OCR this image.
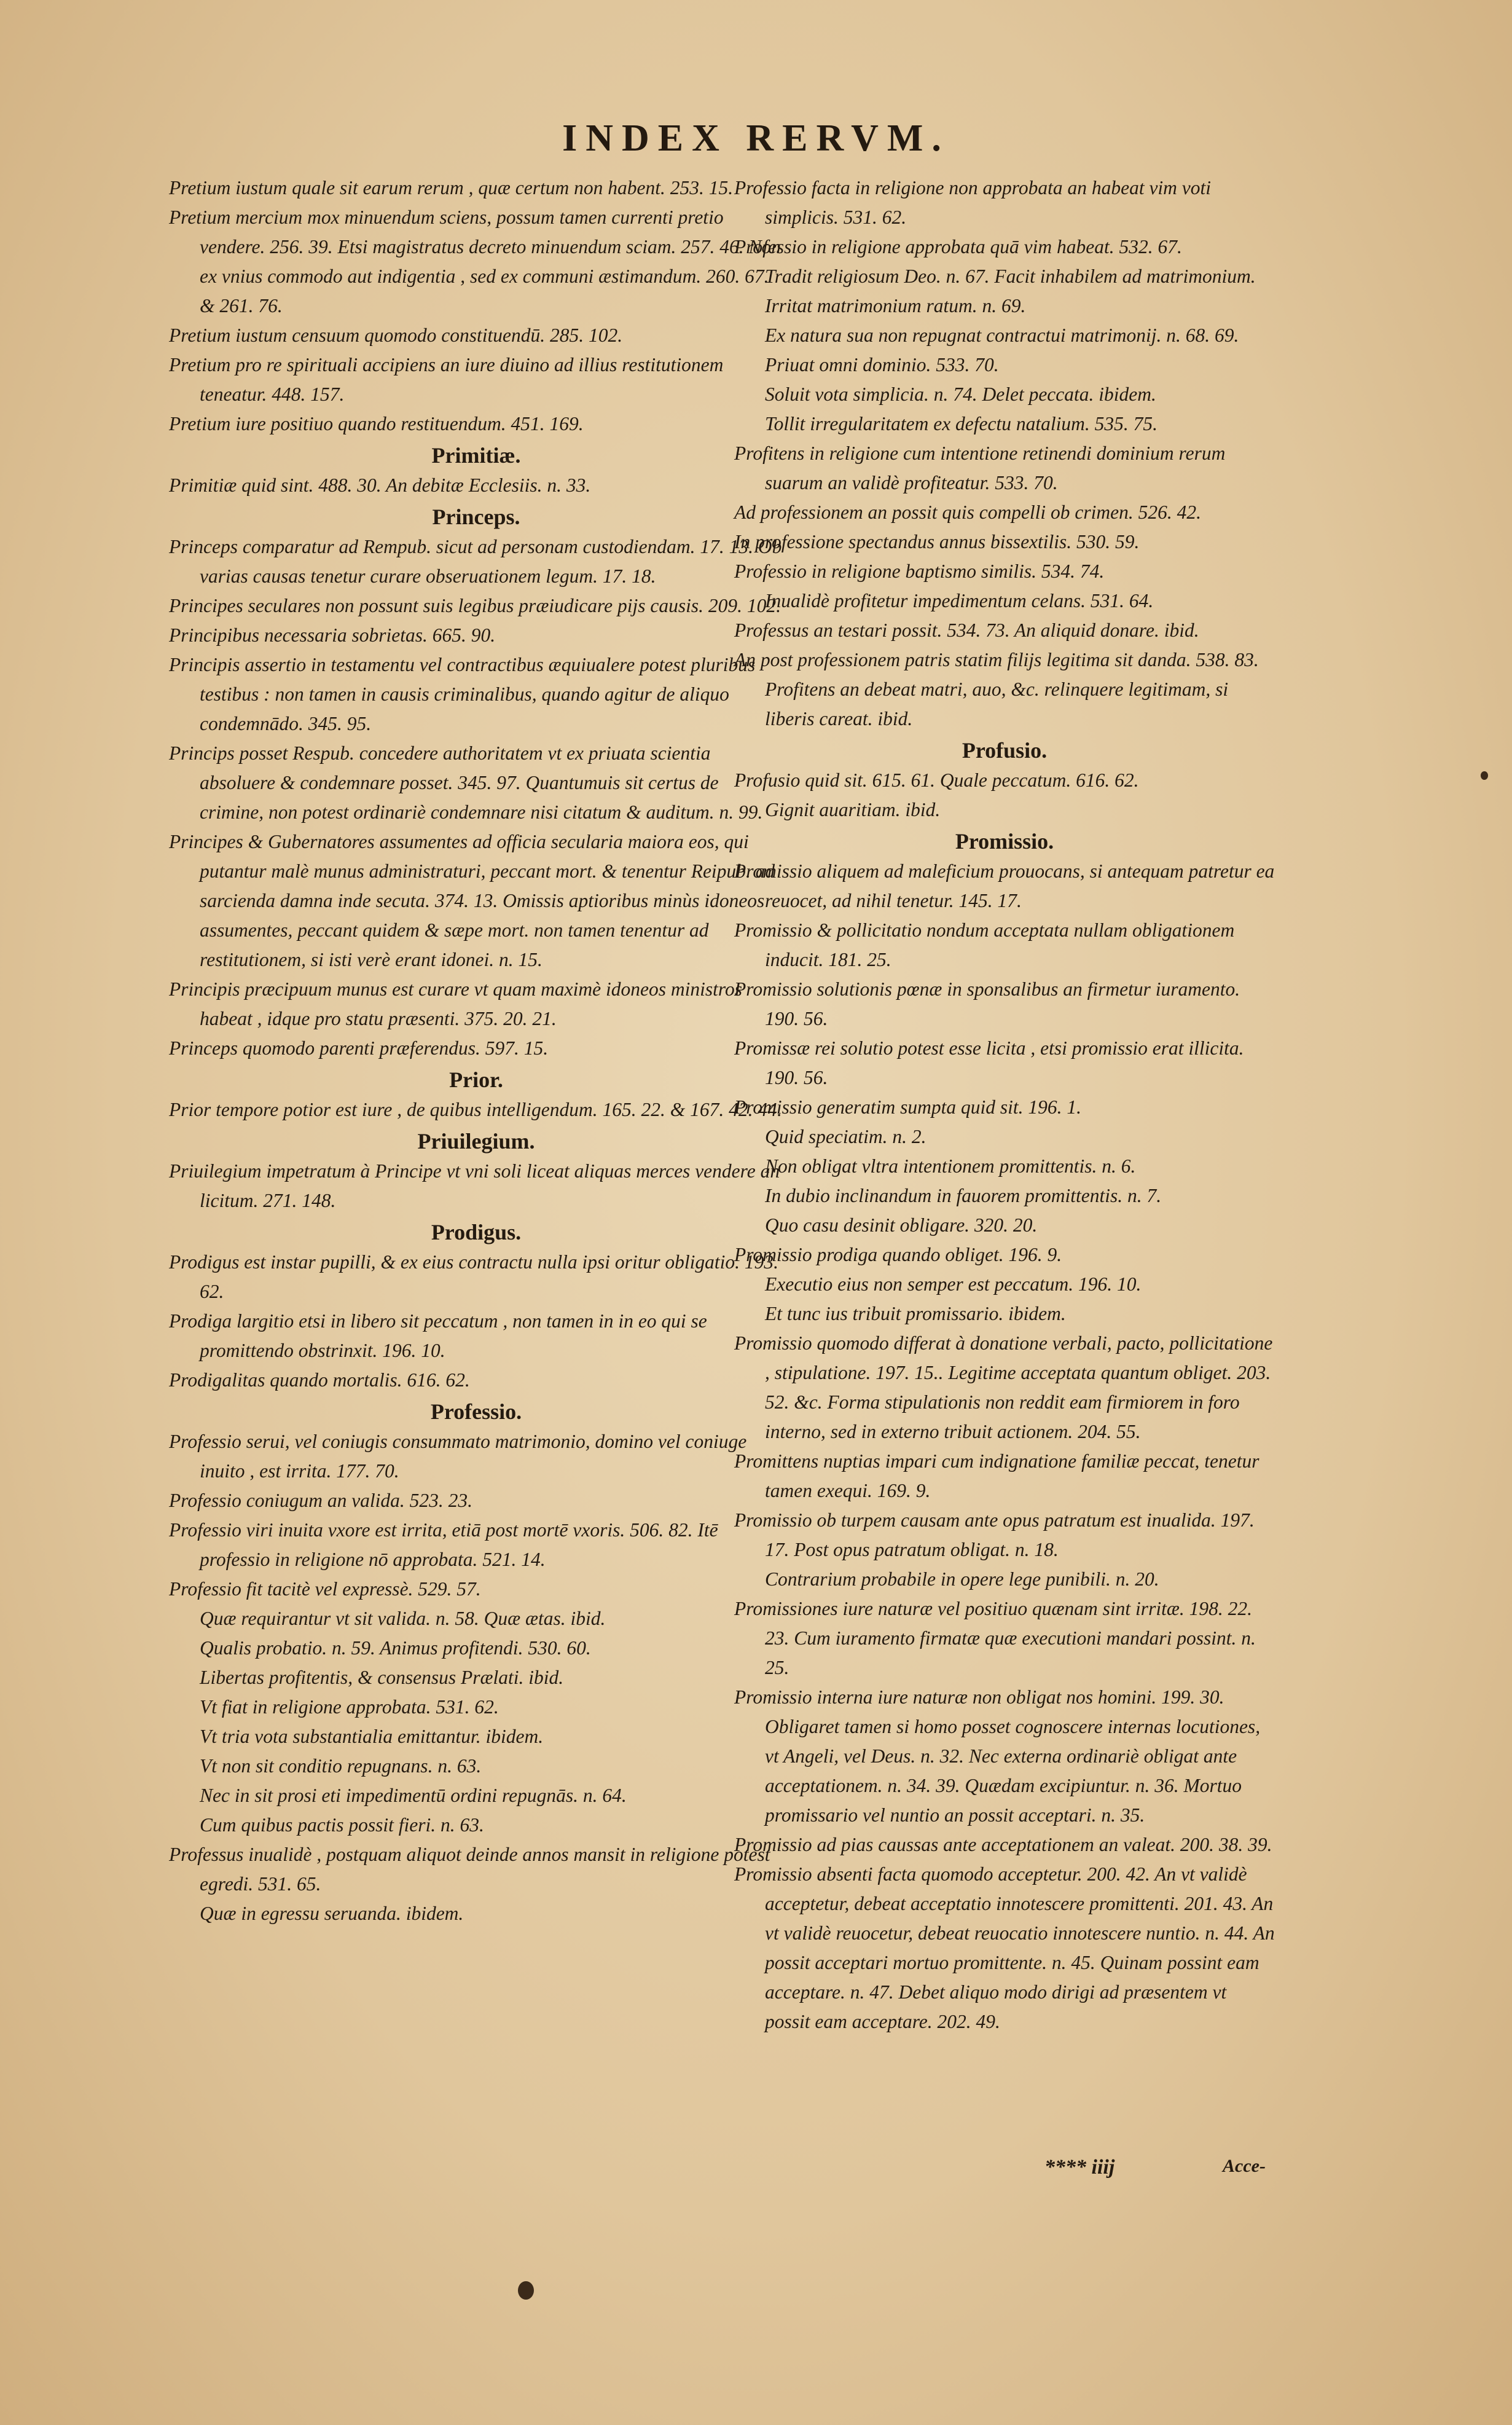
INDEX RERVM.

Pretium iustum quale sit earum rerum , quæ certum non habent. 253. 15.

Pretium mercium mox minuendum sciens, possum tamen currenti pretio vendere. 256. 39. Etsi magistratus decreto minuendum sciam. 257. 46. Non ex vnius commodo aut indigentia , sed ex communi æstimandum. 260. 67. & 261. 76.

Pretium iustum censuum quomodo constituendū. 285. 102.

Pretium pro re spirituali accipiens an iure diuino ad illius restitutionem teneatur. 448. 157.

Pretium iure positiuo quando restituendum. 451. 169.

Primitiæ.

Primitiæ quid sint. 488. 30. An debitæ Ecclesiis. n. 33.

Princeps.

Princeps comparatur ad Rempub. sicut ad personam custodiendam. 17. 13. Ob varias causas tenetur curare obseruationem legum. 17. 18.

Principes seculares non possunt suis legibus præiudicare pijs causis. 209. 102.

Principibus necessaria sobrietas. 665. 90.

Principis assertio in testamentu vel contractibus æquiualere potest pluribus testibus : non tamen in causis criminalibus, quando agitur de aliquo condemnādo. 345. 95.

Princips posset Respub. concedere authoritatem vt ex priuata scientia absoluere & condemnare posset. 345. 97. Quantumuis sit certus de crimine, non potest ordinariè condemnare nisi citatum & auditum. n. 99.

Principes & Gubernatores assumentes ad officia secularia maiora eos, qui putantur malè munus administraturi, peccant mort. & tenentur Reipub. ad sarcienda damna inde secuta. 374. 13. Omissis aptioribus minùs idoneos assumentes, peccant quidem & sæpe mort. non tamen tenentur ad restitutionem, si isti verè erant idonei. n. 15.

Principis præcipuum munus est curare vt quam maximè idoneos ministros habeat , idque pro statu præsenti. 375. 20. 21.

Princeps quomodo parenti præferendus. 597. 15.

Prior.

Prior tempore potior est iure , de quibus intelligendum. 165. 22. & 167. 42. 44.

Priuilegium.

Priuilegium impetratum à Principe vt vni soli liceat aliquas merces vendere an licitum. 271. 148.

Prodigus.

Prodigus est instar pupilli, & ex eius contractu nulla ipsi oritur obligatio. 193. 62.

Prodiga largitio etsi in libero sit peccatum , non tamen in in eo qui se promittendo obstrinxit. 196. 10.

Prodigalitas quando mortalis. 616. 62.

Professio.

Professio serui, vel coniugis consummato matrimonio, domino vel coniuge inuito , est irrita. 177. 70.

Professio coniugum an valida. 523. 23.

Professio viri inuita vxore est irrita, etiā post mortē vxoris. 506. 82. Itē professio in religione nō approbata. 521. 14.

Professio fit tacitè vel expressè. 529. 57.

Quæ requirantur vt sit valida. n. 58. Quæ ætas. ibid.

Qualis probatio. n. 59. Animus profitendi. 530. 60.

Libertas profitentis, & consensus Prælati. ibid.

Vt fiat in religione approbata. 531. 62.

Vt tria vota substantialia emittantur. ibidem.

Vt non sit conditio repugnans. n. 63.

Nec in sit prosi eti impedimentū ordini repugnās. n. 64.

Cum quibus pactis possit fieri. n. 63.

Professus inualidè , postquam aliquot deinde annos mansit in religione potest egredi. 531. 65.

Quæ in egressu seruanda. ibidem.

Professio facta in religione non approbata an habeat vim voti simplicis. 531. 62.

Professio in religione approbata quā vim habeat. 532. 67.

Tradit religiosum Deo. n. 67. Facit inhabilem ad matrimonium. Irritat matrimonium ratum. n. 69.

Ex natura sua non repugnat contractui matrimonij. n. 68. 69. Priuat omni dominio. 533. 70.

Soluit vota simplicia. n. 74. Delet peccata. ibidem.

Tollit irregularitatem ex defectu natalium. 535. 75.

Profitens in religione cum intentione retinendi dominium rerum suarum an validè profiteatur. 533. 70.

Ad professionem an possit quis compelli ob crimen. 526. 42.

In professione spectandus annus bissextilis. 530. 59.

Professio in religione baptismo similis. 534. 74.

Inualidè profitetur impedimentum celans. 531. 64.

Professus an testari possit. 534. 73. An aliquid donare. ibid.

An post professionem patris statim filijs legitima sit danda. 538. 83. Profitens an debeat matri, auo, &c. relinquere legitimam, si liberis careat. ibid.

Profusio.

Profusio quid sit. 615. 61. Quale peccatum. 616. 62.

Gignit auaritiam. ibid.

Promissio.

Promissio aliquem ad maleficium prouocans, si antequam patretur ea reuocet, ad nihil tenetur. 145. 17.

Promissio & pollicitatio nondum acceptata nullam obligationem inducit. 181. 25.

Promissio solutionis pœnæ in sponsalibus an firmetur iuramento. 190. 56.

Promissæ rei solutio potest esse licita , etsi promissio erat illicita. 190. 56.

Promissio generatim sumpta quid sit. 196. 1.

Quid speciatim. n. 2.

Non obligat vltra intentionem promittentis. n. 6.

In dubio inclinandum in fauorem promittentis. n. 7.

Quo casu desinit obligare. 320. 20.

Promissio prodiga quando obliget. 196. 9.

Executio eius non semper est peccatum. 196. 10.

Et tunc ius tribuit promissario. ibidem.

Promissio quomodo differat à donatione verbali, pacto, pollicitatione , stipulatione. 197. 15.. Legitime acceptata quantum obliget. 203. 52. &c. Forma stipulationis non reddit eam firmiorem in foro interno, sed in externo tribuit actionem. 204. 55.

Promittens nuptias impari cum indignatione familiæ peccat, tenetur tamen exequi. 169. 9.

Promissio ob turpem causam ante opus patratum est inualida. 197. 17. Post opus patratum obligat. n. 18.

Contrarium probabile in opere lege punibili. n. 20.

Promissiones iure naturæ vel positiuo quænam sint irritæ. 198. 22. 23. Cum iuramento firmatæ quæ executioni mandari possint. n. 25.

Promissio interna iure naturæ non obligat nos homini. 199. 30. Obligaret tamen si homo posset cognoscere internas locutiones, vt Angeli, vel Deus. n. 32. Nec externa ordinariè obligat ante acceptationem. n. 34. 39. Quædam excipiuntur. n. 36. Mortuo promissario vel nuntio an possit acceptari. n. 35.

Promissio ad pias caussas ante acceptationem an valeat. 200. 38. 39.

Promissio absenti facta quomodo acceptetur. 200. 42. An vt validè acceptetur, debeat acceptatio innotescere promittenti. 201. 43. An vt validè reuocetur, debeat reuocatio innotescere nuntio. n. 44. An possit acceptari mortuo promittente. n. 45. Quinam possint eam acceptare. n. 47. Debet aliquo modo dirigi ad præsentem vt possit eam acceptare. 202. 49.

**** iiij	Acce-
